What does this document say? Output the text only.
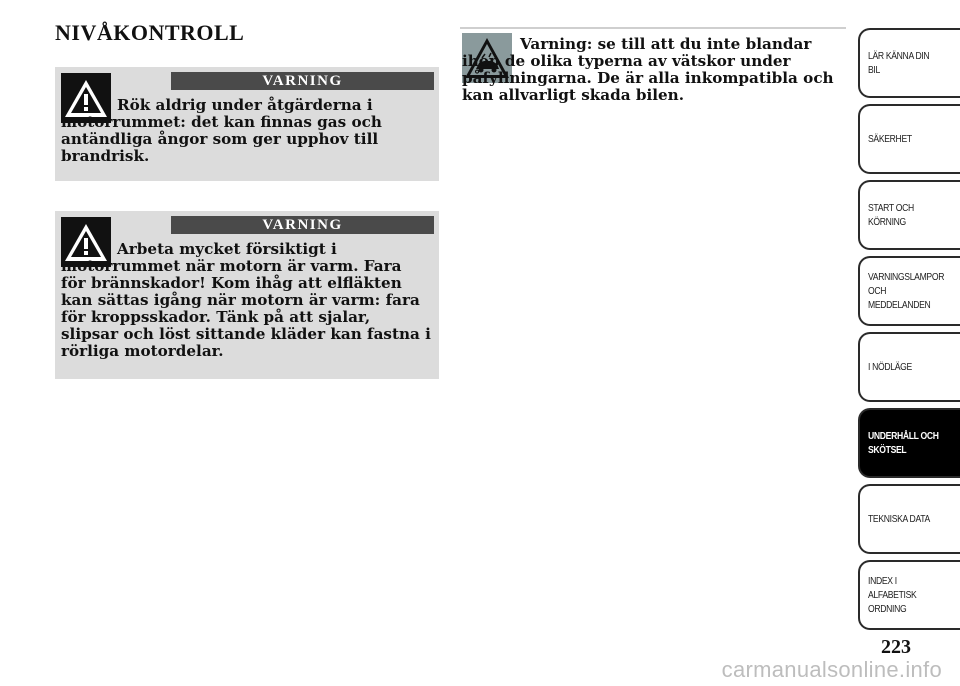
NIVÅKONTROLL
VARNING

Rök aldrig under åtgärderna i motorrummet: det kan finnas gas och antändliga ångor som ger upphov till brandrisk.

VARNING

Arbeta mycket försiktigt i motorrummet när motorn är varm. Fara för brännskador! Kom ihåg att elfläkten kan sättas igång när motorn är varm: fara för kroppsskador. Tänk på att sjalar, slipsar och löst sittande kläder kan fastna i rörliga motordelar.

Varning: se till att du inte blandar ihop de olika typerna av vätskor under påfyllningarna. De är alla inkompatibla och kan allvarligt skada bilen.

LÄR KÄNNA DIN BIL
SÄKERHET
START OCH KÖRNING
VARNINGSLAMPOR OCH MEDDELANDEN
I NÖDLÄGE
UNDERHÅLL OCH SKÖTSEL
TEKNISKA DATA
INDEX I ALFABETISK ORDNING
223
carmanualsonline.info
